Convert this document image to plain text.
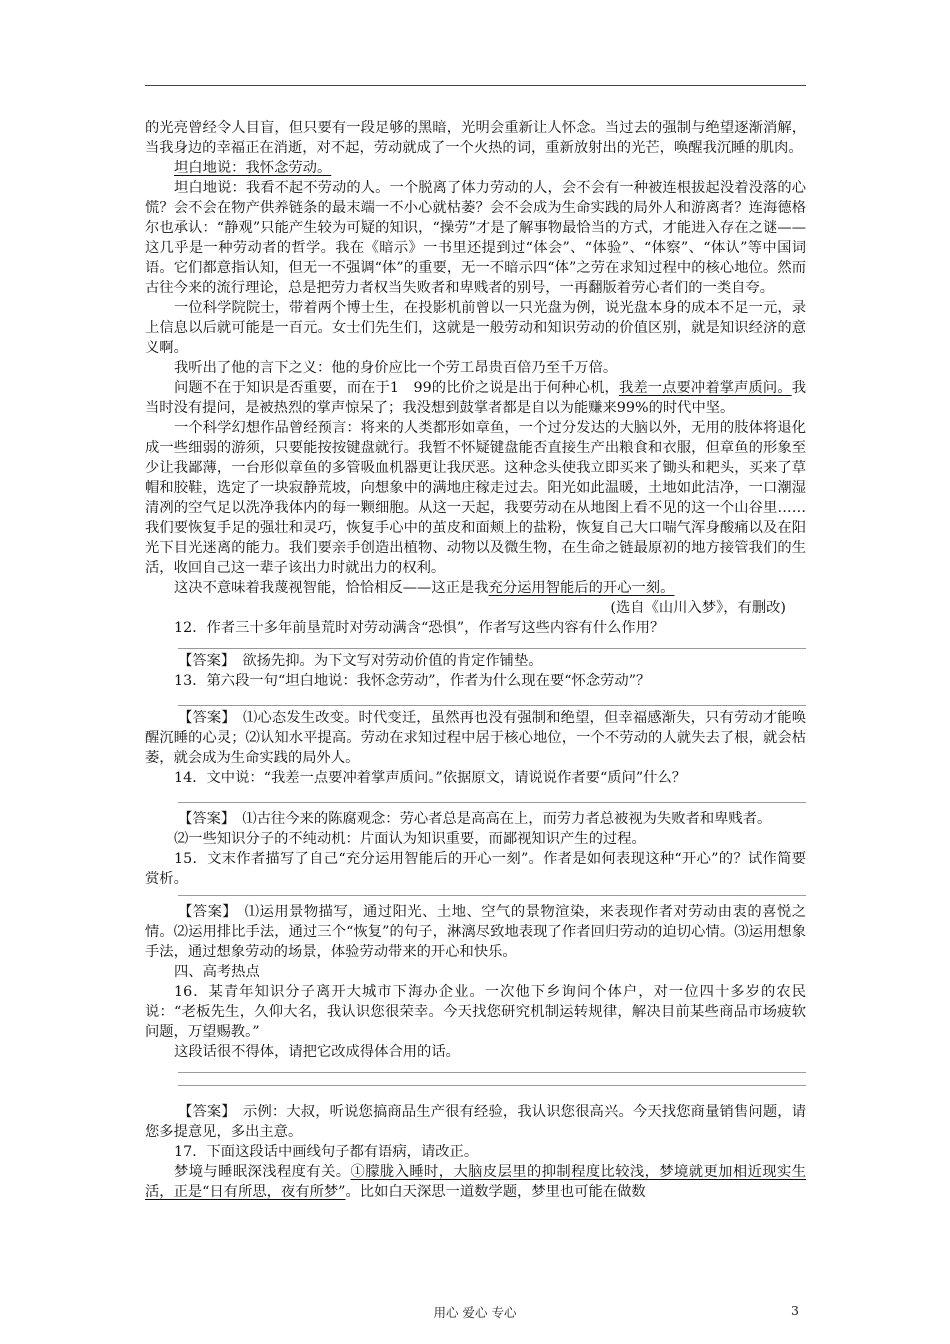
的光亮曾经令人目盲，但只要有一段足够的黑暗，光明会重新让人怀念。当过去的强制与绝望逐渐消解，当我身边的幸福正在消逝，对不起，劳动就成了一个火热的词，重新放射出的光芒，唤醒我沉睡的肌肉。

坦白地说：我怀念劳动。

坦白地说：我看不起不劳动的人。一个脱离了体力劳动的人，会不会有一种被连根拔起没着没落的心慌？会不会在物产供养链条的最末端一不小心就枯萎？会不会成为生命实践的局外人和游离者？连海德格尔也承认：“静观”只能产生较为可疑的知识，“操劳”才是了解事物最恰当的方式，才能进入存在之谜——这几乎是一种劳动者的哲学。我在《暗示》一书里还提到过“体会”、“体验”、“体察”、“体认”等中国词语。它们都意指认知，但无一不强调“体”的重要，无一不暗示四“体”之劳在求知过程中的核心地位。然而古往今来的流行理论，总是把劳力者权当失败者和卑贱者的别号，一再翻版着劳心者们的一类自夸。

一位科学院院士，带着两个博士生，在投影机前曾以一只光盘为例，说光盘本身的成本不足一元，录上信息以后就可能是一百元。女士们先生们，这就是一般劳动和知识劳动的价值区别，就是知识经济的意义啊。

我听出了他的言下之义：他的身价应比一个劳工昂贵百倍乃至千万倍。

问题不在于知识是否重要，而在于1　99的比价之说是出于何种心机，我差一点要冲着掌声质问。我当时没有提问，是被热烈的掌声惊呆了；我没想到鼓掌者都是自以为能赚来99%的时代中坚。

一个科学幻想作品曾经预言：将来的人类都形如章鱼，一个过分发达的大脑以外，无用的肢体将退化成一些细弱的游须，只要能按按键盘就行。我暂不怀疑键盘能否直接生产出粮食和衣服，但章鱼的形象至少让我鄙薄，一台形似章鱼的多管吸血机器更让我厌恶。这种念头使我立即买来了锄头和耙头，买来了草帽和胶鞋，选定了一块寂静荒坡，向想象中的满地庄稼走过去。阳光如此温暖，土地如此洁净，一口潮湿清冽的空气足以洗净我体内的每一颗细胞。从这一天起，我要劳动在从地图上看不见的这一个山谷里……我们要恢复手足的强壮和灵巧，恢复手心中的茧皮和面颊上的盐粉，恢复自己大口喘气浑身酸痛以及在阳光下目光迷离的能力。我们要亲手创造出植物、动物以及微生物，在生命之链最原初的地方接管我们的生活，收回自己这一辈子该出力时就出力的权利。

这决不意味着我蔑视智能，恰恰相反——这正是我充分运用智能后的开心一刻。

(选自《山川入梦》，有删改)

12．作者三十多年前垦荒时对劳动满含“恐惧”，作者写这些内容有什么作用？

【答案】　欲扬先抑。为下文写对劳动价值的肯定作铺垫。

13．第六段一句“坦白地说：我怀念劳动”，作者为什么现在要“怀念劳动”？

【答案】　⑴心态发生改变。时代变迁，虽然再也没有强制和绝望，但幸福感渐失，只有劳动才能唤醒沉睡的心灵；⑵认知水平提高。劳动在求知过程中居于核心地位，一个不劳动的人就失去了根，就会枯萎，就会成为生命实践的局外人。

14．文中说：“我差一点要冲着掌声质问。”依据原文，请说说作者要“质问”什么？

【答案】　⑴古往今来的陈腐观念：劳心者总是高高在上，而劳力者总被视为失败者和卑贱者。

⑵一些知识分子的不纯动机：片面认为知识重要，而鄙视知识产生的过程。

15．文末作者描写了自己“充分运用智能后的开心一刻”。作者是如何表现这种“开心”的？试作简要赏析。

【答案】　⑴运用景物描写，通过阳光、土地、空气的景物渲染，来表现作者对劳动由衷的喜悦之情。⑵运用排比手法，通过三个“恢复”的句子，淋漓尽致地表现了作者回归劳动的迫切心情。⑶运用想象手法，通过想象劳动的场景，体验劳动带来的开心和快乐。

四、高考热点

16．某青年知识分子离开大城市下海办企业。一次他下乡询问个体户，对一位四十多岁的农民说：“老板先生，久仰大名，我认识您很荣幸。今天找您研究机制运转规律，解决目前某些商品市场疲软问题，万望赐教。”

这段话很不得体，请把它改成得体合用的话。

【答案】　示例：大叔，听说您搞商品生产很有经验，我认识您很高兴。今天找您商量销售问题，请您多提意见，多出主意。

17．下面这段话中画线句子都有语病，请改正。

梦境与睡眠深浅程度有关。①朦胧入睡时，大脑皮层里的抑制程度比较浅，梦境就更加相近现实生活，正是“日有所思，夜有所梦”。比如白天深思一道数学题，梦里也可能在做数

用心 爱心 专心	3
